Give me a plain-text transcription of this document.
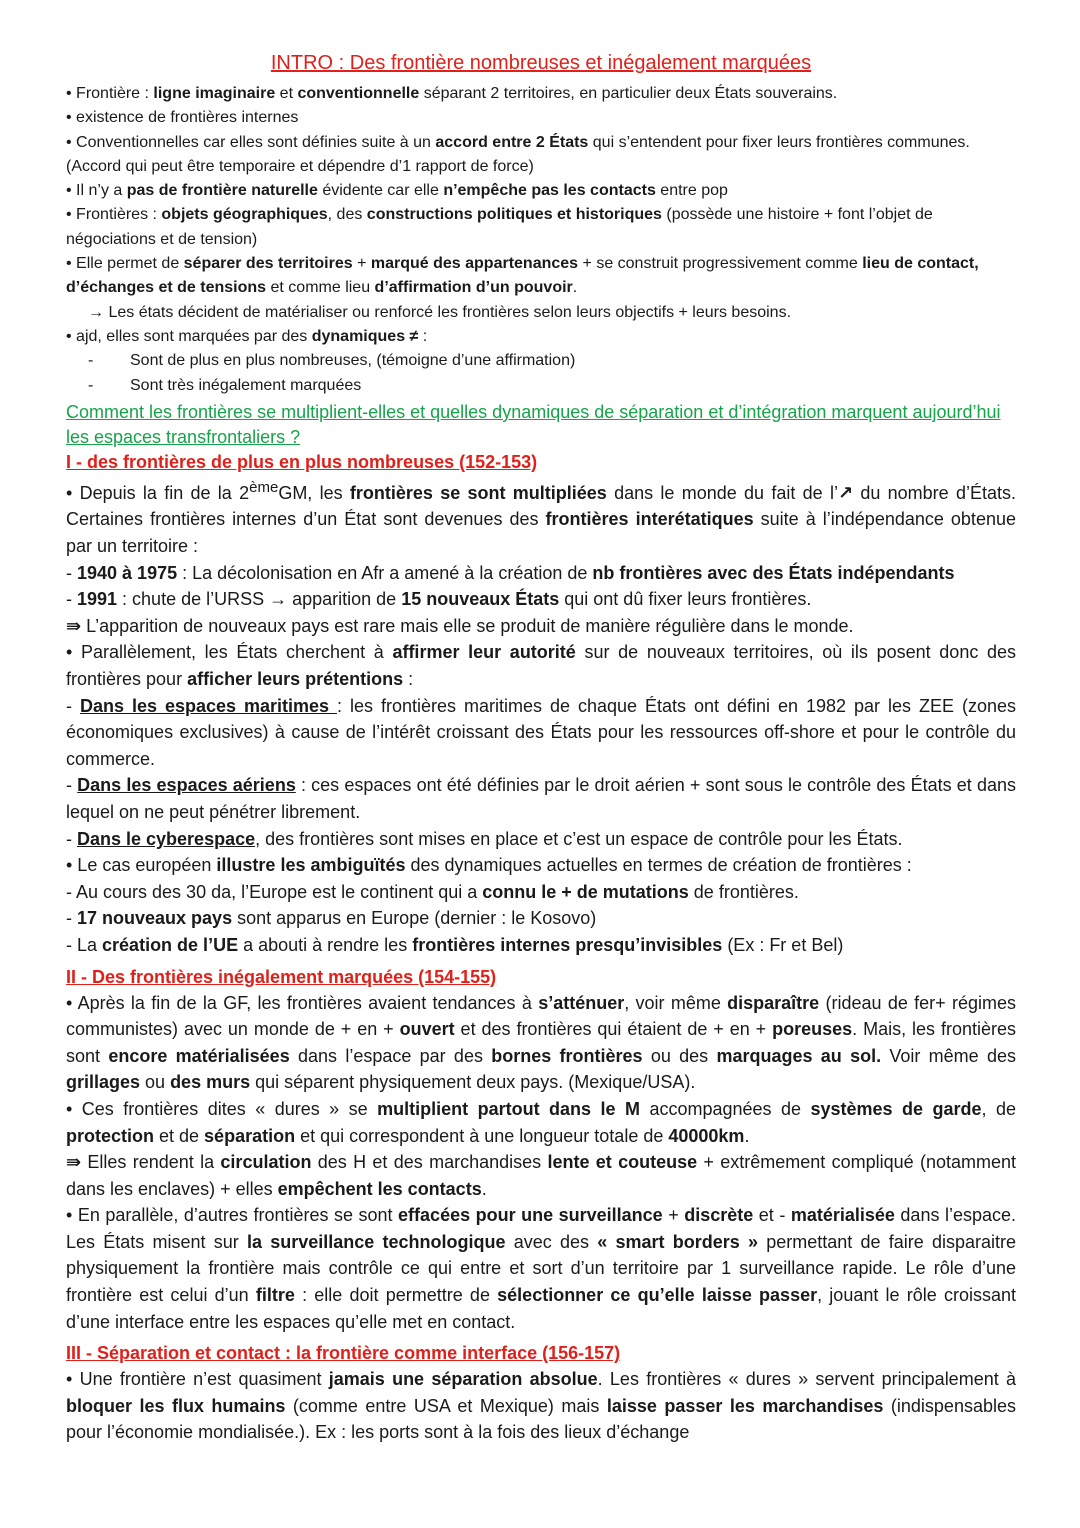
INTRO : Des frontière nombreuses et inégalement marquées

• Frontière : ligne imaginaire et conventionnelle séparant 2 territoires, en particulier deux États souverains.

• existence de frontières internes

• Conventionnelles car elles sont définies suite à un accord entre 2 États qui s’entendent pour fixer leurs frontières communes. (Accord qui peut être temporaire et dépendre d’1 rapport de force)

• Il n’y a pas de frontière naturelle évidente car elle n’empêche pas les contacts entre pop

• Frontières : objets géographiques, des constructions politiques et historiques (possède une histoire + font l’objet de négociations et de tension)

• Elle permet de séparer des territoires + marqué des appartenances + se construit progressivement comme lieu de contact, d’échanges et de tensions et comme lieu d’affirmation d’un pouvoir.

→ Les états décident de matérialiser ou renforcé les frontières selon leurs objectifs + leurs besoins.

• ajd, elles sont marquées par des dynamiques ≠ :

- Sont de plus en plus nombreuses, (témoigne d’une affirmation)
- Sont très inégalement marquées

Comment les frontières se multiplient-elles et quelles dynamiques de séparation et d’intégration marquent aujourd’hui les espaces transfrontaliers ?

I - des frontières de plus en plus nombreuses (152-153)

• Depuis la fin de la 2èmeGM, les frontières se sont multipliées dans le monde du fait de l’↗ du nombre d’États. Certaines frontières internes d’un État sont devenues des frontières interétatiques suite à l’indépendance obtenue par un territoire :

- 1940 à 1975 : La décolonisation en Afr a amené à la création de nb frontières avec des États indépendants

- 1991 : chute de l’URSS → apparition de 15 nouveaux États qui ont dû fixer leurs frontières.

⇛ L’apparition de nouveaux pays est rare mais elle se produit de manière régulière dans le monde.

• Parallèlement, les États cherchent à affirmer leur autorité sur de nouveaux territoires, où ils posent donc des frontières pour afficher leurs prétentions :

- Dans les espaces maritimes : les frontières maritimes de chaque États ont défini en 1982 par les ZEE (zones économiques exclusives) à cause de l’intérêt croissant des États pour les ressources off-shore et pour le contrôle du commerce.

- Dans les espaces aériens : ces espaces ont été définies par le droit aérien + sont sous le contrôle des États et dans lequel on ne peut pénétrer librement.

- Dans le cyberespace, des frontières sont mises en place et c’est un espace de contrôle pour les États.

• Le cas européen illustre les ambiguïtés des dynamiques actuelles en termes de création de frontières :

- Au cours des 30 da, l’Europe est le continent qui a connu le + de mutations de frontières.

- 17 nouveaux pays sont apparus en Europe (dernier : le Kosovo)

- La création de l’UE a abouti à rendre les frontières internes presqu’invisibles (Ex : Fr et Bel)

II - Des frontières inégalement marquées (154-155)

• Après la fin de la GF, les frontières avaient tendances à s’atténuer, voir même disparaître (rideau de fer+ régimes communistes) avec un monde de + en + ouvert et des frontières qui étaient de + en + poreuses. Mais, les frontières sont encore matérialisées dans l’espace par des bornes frontières ou des marquages au sol. Voir même des grillages ou des murs qui séparent physiquement deux pays. (Mexique/USA).

• Ces frontières dites « dures » se multiplient partout dans le M accompagnées de systèmes de garde, de protection et de séparation et qui correspondent à une longueur totale de 40000km.

⇛ Elles rendent la circulation des H et des marchandises lente et couteuse + extrêmement compliqué (notamment dans les enclaves) + elles empêchent les contacts.

• En parallèle, d’autres frontières se sont effacées pour une surveillance + discrète et - matérialisée dans l’espace. Les États misent sur la surveillance technologique avec des « smart borders » permettant de faire disparaitre physiquement la frontière mais contrôle ce qui entre et sort d’un territoire par 1 surveillance rapide. Le rôle d’une frontière est celui d’un filtre : elle doit permettre de sélectionner ce qu’elle laisse passer, jouant le rôle croissant d’une interface entre les espaces qu’elle met en contact.

III - Séparation et contact : la frontière comme interface (156-157)

• Une frontière n’est quasiment jamais une séparation absolue. Les frontières « dures » servent principalement à bloquer les flux humains (comme entre USA et Mexique) mais laisse passer les marchandises (indispensables pour l’économie mondialisée.). Ex : les ports sont à la fois des lieux d’échange
